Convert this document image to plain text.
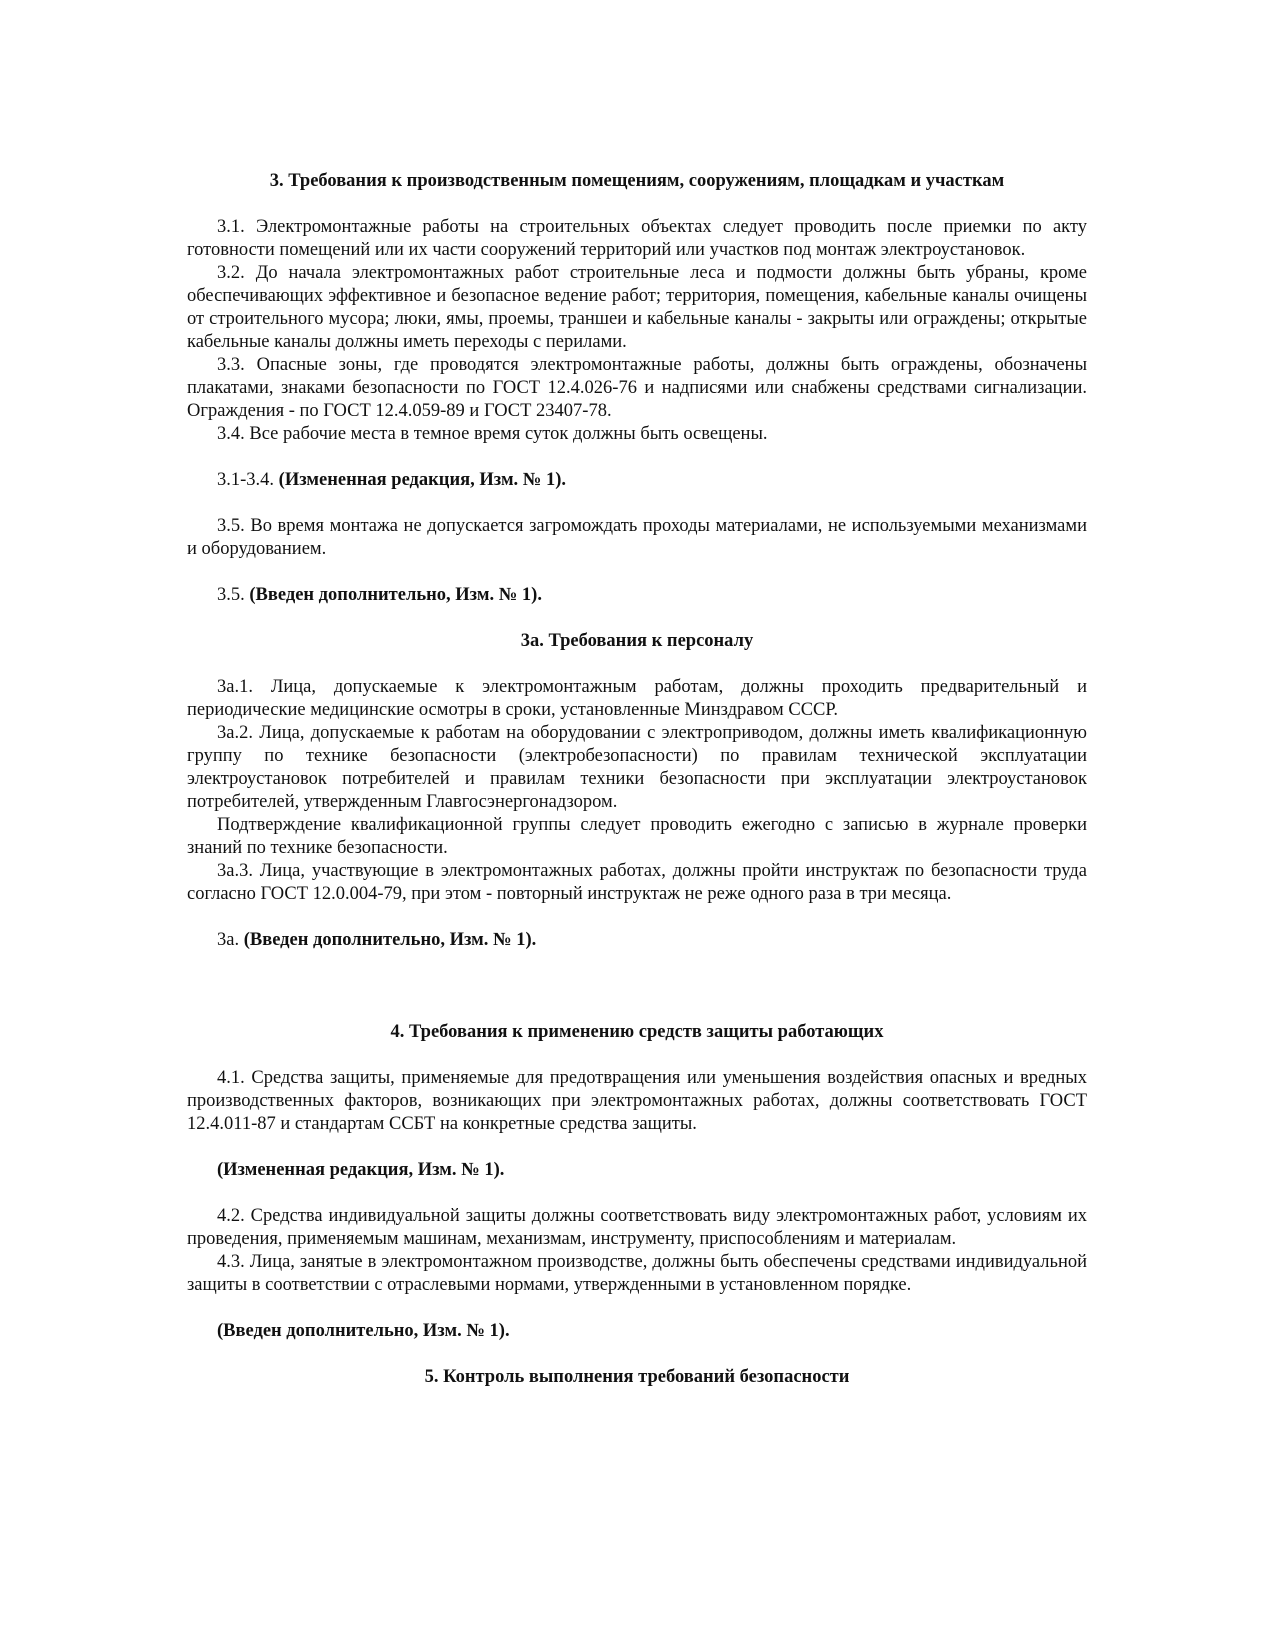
3. Требования к производственным помещениям, сооружениям, площадкам и участкам

3.1. Электромонтажные работы на строительных объектах следует проводить после приемки по акту готовности помещений или их части сооружений территорий или участков под монтаж электроустановок.

3.2. До начала электромонтажных работ строительные леса и подмости должны быть убраны, кроме обеспечивающих эффективное и безопасное ведение работ; территория, помещения, кабельные каналы очищены от строительного мусора; люки, ямы, проемы, траншеи и кабельные каналы - закрыты или ограждены; открытые кабельные каналы должны иметь переходы с перилами.

3.3. Опасные зоны, где проводятся электромонтажные работы, должны быть ограждены, обозначены плакатами, знаками безопасности по ГОСТ 12.4.026-76 и надписями или снабжены средствами сигнализации. Ограждения - по ГОСТ 12.4.059-89 и ГОСТ 23407-78.

3.4. Все рабочие места в темное время суток должны быть освещены.

3.1-3.4. (Измененная редакция, Изм. № 1).

3.5. Во время монтажа не допускается загромождать проходы материалами, не используемыми механизмами и оборудованием.

3.5. (Введен дополнительно, Изм. № 1).

3а. Требования к персоналу

3а.1. Лица, допускаемые к электромонтажным работам, должны проходить предварительный и периодические медицинские осмотры в сроки, установленные Минздравом СССР.

3а.2. Лица, допускаемые к работам на оборудовании с электроприводом, должны иметь квалификационную группу по технике безопасности (электробезопасности) по правилам технической эксплуатации электроустановок потребителей и правилам техники безопасности при эксплуатации электроустановок потребителей, утвержденным Главгосэнергонадзором.

Подтверждение квалификационной группы следует проводить ежегодно с записью в журнале проверки знаний по технике безопасности.

3а.3. Лица, участвующие в электромонтажных работах, должны пройти инструктаж по безопасности труда согласно ГОСТ 12.0.004-79, при этом - повторный инструктаж не реже одного раза в три месяца.

3а. (Введен дополнительно, Изм. № 1).

4. Требования к применению средств защиты работающих

4.1. Средства защиты, применяемые для предотвращения или уменьшения воздействия опасных и вредных производственных факторов, возникающих при электромонтажных работах, должны соответствовать ГОСТ 12.4.011-87 и стандартам ССБТ на конкретные средства защиты.

(Измененная редакция, Изм. № 1).

4.2. Средства индивидуальной защиты должны соответствовать виду электромонтажных работ, условиям их проведения, применяемым машинам, механизмам, инструменту, приспособлениям и материалам.

4.3. Лица, занятые в электромонтажном производстве, должны быть обеспечены средствами индивидуальной защиты в соответствии с отраслевыми нормами, утвержденными в установленном порядке.

(Введен дополнительно, Изм. № 1).

5. Контроль выполнения требований безопасности
